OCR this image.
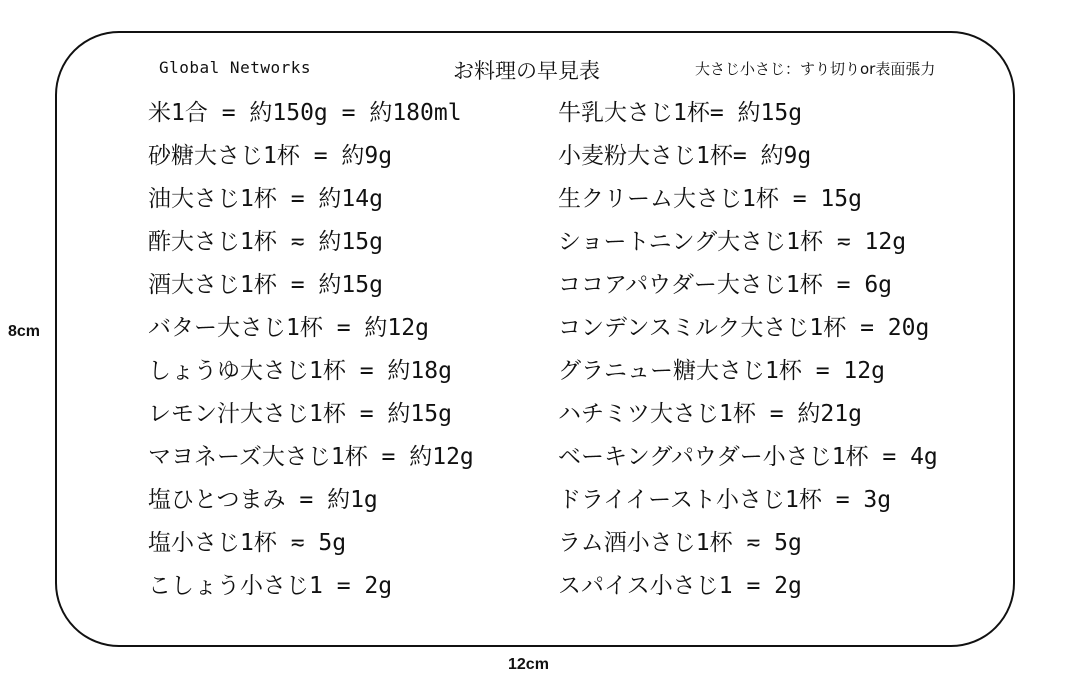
Global Networks	お料理の早見表	大さじ小さじ：すり切りor表面張力
米1合 = 約150g = 約180ml
砂糖大さじ1杯 = 約9g
油大さじ1杯 = 約14g
酢大さじ1杯 ≂ 約15g
酒大さじ1杯 = 約15g
バター大さじ1杯 = 約12g
しょうゆ大さじ1杯 = 約18g
レモン汁大さじ1杯 = 約15g
マヨネーズ大さじ1杯 = 約12g
塩ひとつまみ = 約1g
塩小さじ1杯 ≂ 5g
こしょう小さじ1 = 2g
牛乳大さじ1杯= 約15g
小麦粉大さじ1杯= 約9g
生クリーム大さじ1杯 = 15g
ショートニング大さじ1杯 ≂ 12g
ココアパウダー大さじ1杯 = 6g
コンデンスミルク大さじ1杯 = 20g
グラニュー糖大さじ1杯 = 12g
ハチミツ大さじ1杯 = 約21g
ベーキングパウダー小さじ1杯 = 4g
ドライイースト小さじ1杯 = 3g
ラム酒小さじ1杯 ≂ 5g
スパイス小さじ1 = 2g
8cm
12cm
